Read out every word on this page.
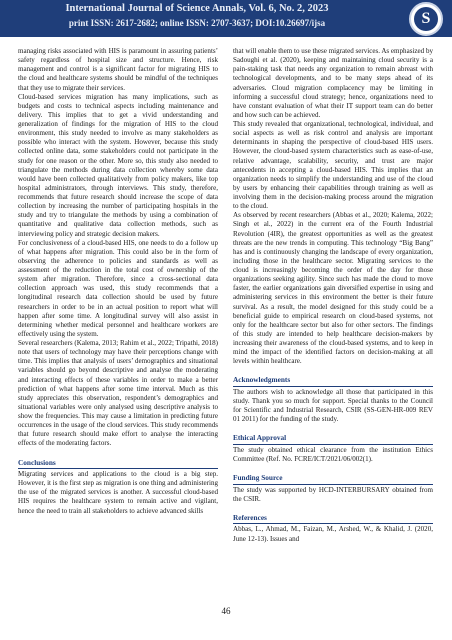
International Journal of Science Annals, Vol. 6, No. 2, 2023
print ISSN: 2617-2682; online ISSN: 2707-3637; DOI:10.26697/ijsa	S

managing risks associated with HIS is paramount in assuring patients’ safety regardless of hospital size and structure. Hence, risk management and control is a significant factor for migrating HIS to the cloud and healthcare systems should be mindful of the techniques that they use to migrate their services.

Cloud-based services migration has many implications, such as budgets and costs to technical aspects including maintenance and delivery. This implies that to get a vivid understanding and generalization of findings for the migration of HIS to the cloud environment, this study needed to involve as many stakeholders as possible who interact with the system. However, because this study collected online data, some stakeholders could not participate in the study for one reason or the other. More so, this study also needed to triangulate the methods during data collection whereby some data would have been collected qualitatively from policy makers, like top hospital administrators, through interviews. This study, therefore, recommends that future research should increase the scope of data collection by increasing the number of participating hospitals in the study and try to triangulate the methods by using a combination of quantitative and qualitative data collection methods, such as interviewing policy and strategic decision makers.

For conclusiveness of a cloud-based HIS, one needs to do a follow up of what happens after migration. This could also be in the form of observing the adherence to policies and standards as well as assessment of the reduction in the total cost of ownership of the system after migration. Therefore, since a cross-sectional data collection approach was used, this study recommends that a longitudinal research data collection should be used by future researchers in order to be in an actual position to report what will happen after some time. A longitudinal survey will also assist in determining whether medical personnel and healthcare workers are effectively using the system.

Several researchers (Kalema, 2013; Rahim et al., 2022; Tripathi, 2018) note that users of technology may have their perceptions change with time. This implies that analysis of users’ demographics and situational variables should go beyond descriptive and analyse the moderating and interacting effects of these variables in order to make a better prediction of what happens after some time interval. Much as this study appreciates this observation, respondent’s demographics and situational variables were only analysed using descriptive analysis to show the frequencies. This may cause a limitation in predicting future occurrences in the usage of the cloud services. This study recommends that future research should make effort to analyse the interacting effects of the moderating factors.

Conclusions

Migrating services and applications to the cloud is a big step. However, it is the first step as migration is one thing and administering the use of the migrated services is another. A successful cloud-based HIS requires the healthcare system to remain active and vigilant, hence the need to train all stakeholders to achieve advanced skills

that will enable them to use these migrated services. As emphasized by Sadoughi et al. (2020), keeping and maintaining cloud security is a pain-staking task that needs any organization to remain abreast with technological developments, and to be many steps ahead of its adversaries. Cloud migration complacency may be limiting in informing a successful cloud strategy; hence, organizations need to have constant evaluation of what their IT support team can do better and how such can be achieved.

This study revealed that organizational, technological, individual, and social aspects as well as risk control and analysis are important determinants in shaping the perspective of cloud-based HIS users. However, the cloud-based system characteristics such as ease-of-use, relative advantage, scalability, security, and trust are major antecedents in accepting a cloud-based HIS. This implies that an organization needs to simplify the understanding and use of the cloud by users by enhancing their capabilities through training as well as involving them in the decision-making process around the migration to the cloud.

As observed by recent researchers (Abbas et al., 2020; Kalema, 2022; Singh et al., 2022) in the current era of the Fourth Industrial Revolution (4IR), the greatest opportunities as well as the greatest threats are the new trends in computing. This technology “Big Bang” has and is continuously changing the landscape of every organization, including those in the healthcare sector. Migrating services to the cloud is increasingly becoming the order of the day for those organizations seeking agility. Since such has made the cloud to move faster, the earlier organizations gain diversified expertise in using and administering services in this environment the better is their future survival. As a result, the model designed for this study could be a beneficial guide to empirical research on cloud-based systems, not only for the healthcare sector but also for other sectors. The findings of this study are intended to help healthcare decision-makers by increasing their awareness of the cloud-based systems, and to keep in mind the impact of the identified factors on decision-making at all levels within healthcare.

Acknowledgments

The authors wish to acknowledge all those that participated in this study. Thank you so much for support. Special thanks to the Council for Scientific and Industrial Research, CSIR (SS-GEN-HR-009 REV 01 2011) for the funding of the study.

Ethical Approval

The study obtained ethical clearance from the institution Ethics Committee (Ref. No. FCRE/ICT/2021/06/002(1).

Funding Source

The study was supported by HCD-INTERBURSARY obtained from the CSIR.

References

Abbas, L., Ahmad, M., Faizan, M., Arshed, W., & Khalid, J. (2020, June 12-13). Issues and

46
